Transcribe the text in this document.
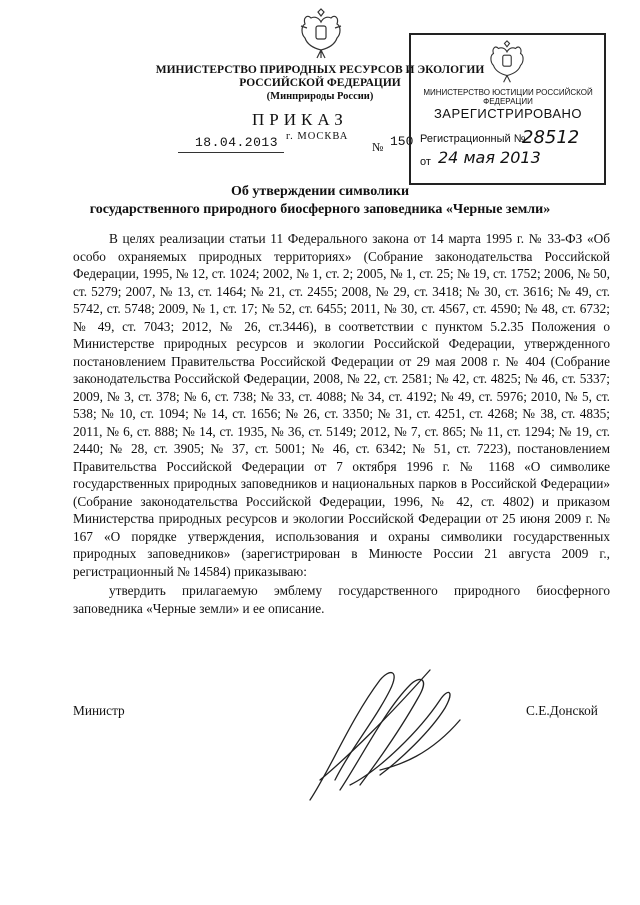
МИНИСТЕРСТВО ПРИРОДНЫХ РЕСУРСОВ И ЭКОЛОГИИ
РОССИЙСКОЙ ФЕДЕРАЦИИ
(Минприроды России)
ПРИКАЗ
г. МОСКВА
18.04.2013	№ 150
МИНИСТЕРСТВО ЮСТИЦИИ РОССИЙСКОЙ ФЕДЕРАЦИИ
ЗАРЕГИСТРИРОВАНО
Регистрационный №
28512
от 24 мая 2013
Об утверждении символики
государственного природного биосферного заповедника «Черные земли»

В целях реализации статьи 11 Федерального закона от 14 марта 1995 г. № 33-ФЗ «Об особо охраняемых природных территориях» (Собрание законодательства Российской Федерации, 1995, № 12, ст. 1024; 2002, № 1, ст. 2; 2005, № 1, ст. 25; № 19, ст. 1752; 2006, № 50, ст. 5279; 2007, № 13, ст. 1464; № 21, ст. 2455; 2008, № 29, ст. 3418; № 30, ст. 3616; № 49, ст. 5742, ст. 5748; 2009, № 1, ст. 17; № 52, ст. 6455; 2011, № 30, ст. 4567, ст. 4590; № 48, ст. 6732; № 49, ст. 7043; 2012, № 26, ст.3446), в соответствии с пунктом 5.2.35 Положения о Министерстве природных ресурсов и экологии Российской Федерации, утвержденного постановлением Правительства Российской Федерации от 29 мая 2008 г. № 404 (Собрание законодательства Российской Федерации, 2008, № 22, ст. 2581; № 42, ст. 4825; № 46, ст. 5337; 2009, № 3, ст. 378; № 6, ст. 738; № 33, ст. 4088; № 34, ст. 4192; № 49, ст. 5976; 2010, № 5, ст. 538; № 10, ст. 1094; № 14, ст. 1656; № 26, ст. 3350; № 31, ст. 4251, ст. 4268; № 38, ст. 4835; 2011, № 6, ст. 888; № 14, ст. 1935, № 36, ст. 5149; 2012, № 7, ст. 865; № 11, ст. 1294; № 19, ст. 2440; № 28, ст. 3905; № 37, ст. 5001; № 46, ст. 6342; № 51, ст. 7223), постановлением Правительства Российской Федерации от 7 октября 1996 г. № 1168 «О символике государственных природных заповедников и национальных парков в Российской Федерации» (Собрание законодательства Российской Федерации, 1996, № 42, ст. 4802) и приказом Министерства природных ресурсов и экологии Российской Федерации от 25 июня 2009 г. № 167 «О порядке утверждения, использования и охраны символики государственных природных заповедников» (зарегистрирован в Минюсте России 21 августа 2009 г., регистрационный № 14584) приказываю:

утвердить прилагаемую эмблему государственного природного биосферного заповедника «Черные земли» и ее описание.

Министр	С.Е.Донской
